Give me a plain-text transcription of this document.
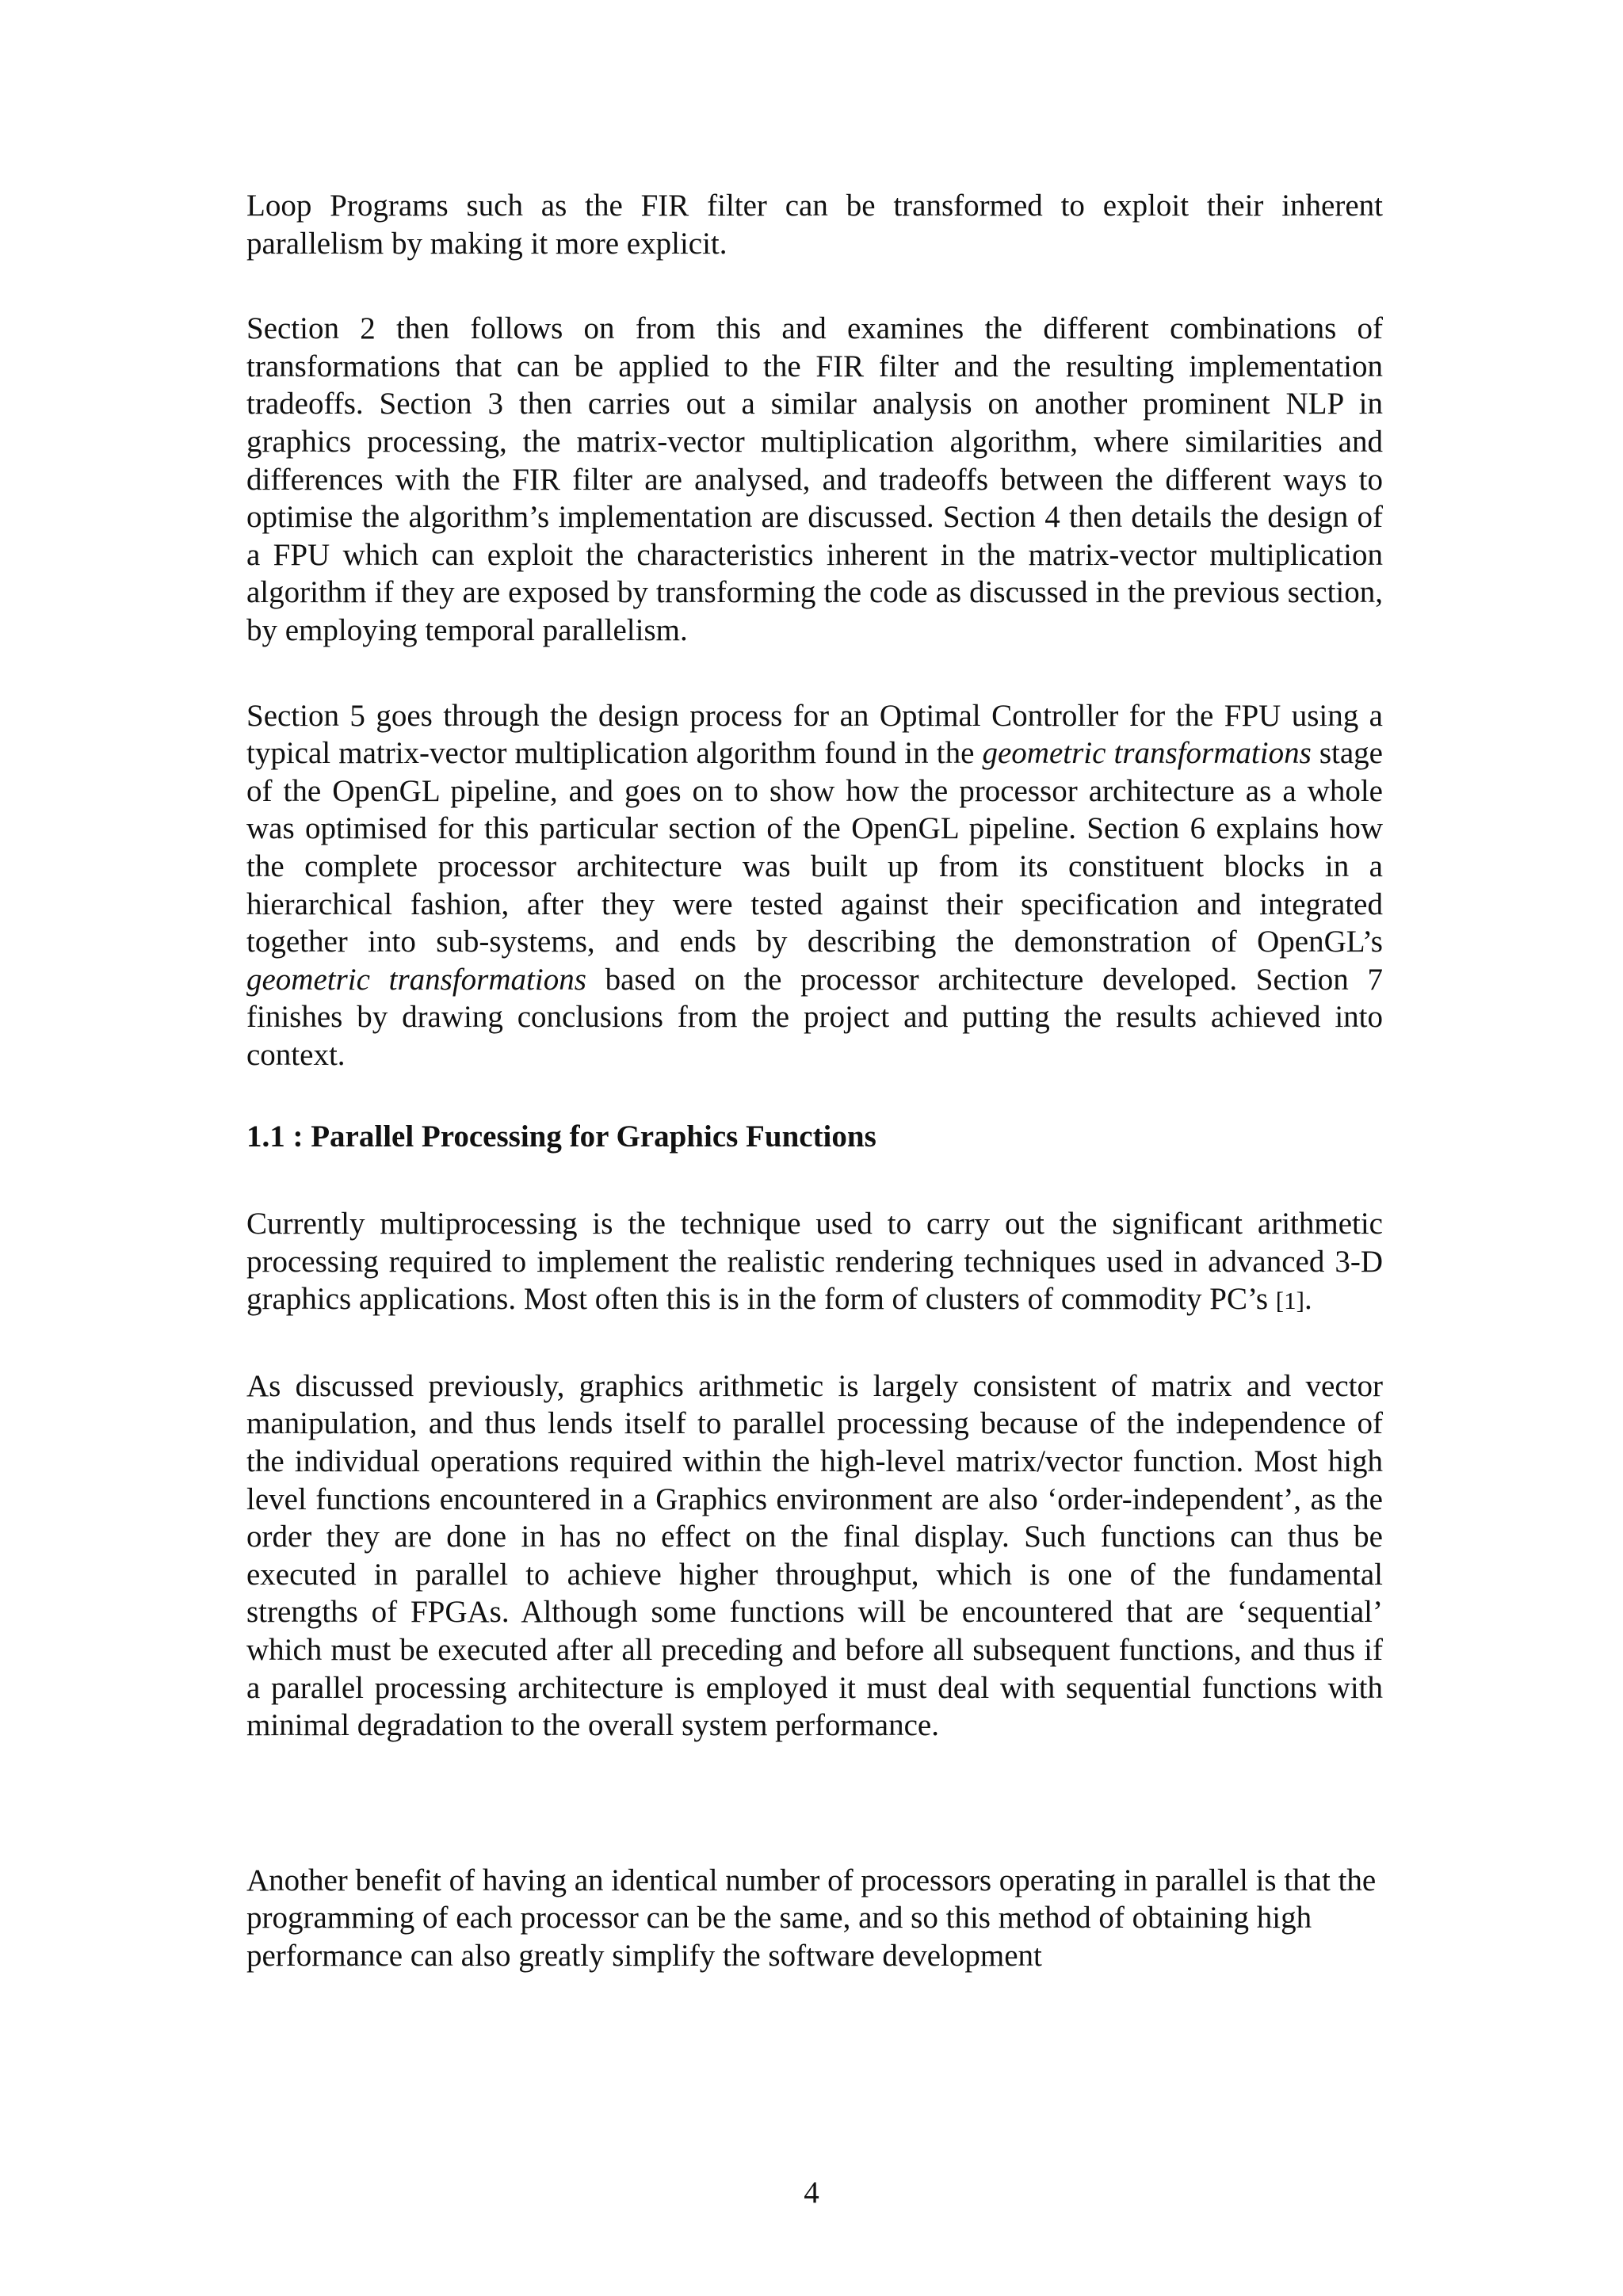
Loop Programs such as the FIR filter can be transformed to exploit their inherent parallelism by making it more explicit.

Section 2 then follows on from this and examines the different combinations of transformations that can be applied to the FIR filter and the resulting implementation tradeoffs. Section 3 then carries out a similar analysis on another prominent NLP in graphics processing, the matrix-vector multiplication algorithm, where similarities and differences with the FIR filter are analysed, and tradeoffs between the different ways to optimise the algorithm’s implementation are discussed. Section 4 then details the design of a FPU which can exploit the characteristics inherent in the matrix-vector multiplication algorithm if they are exposed by transforming the code as discussed in the previous section, by employing temporal parallelism.

Section 5 goes through the design process for an Optimal Controller for the FPU using a typical matrix-vector multiplication algorithm found in the geometric transformations stage of the OpenGL pipeline, and goes on to show how the processor architecture as a whole was optimised for this particular section of the OpenGL pipeline. Section 6 explains how the complete processor architecture was built up from its constituent blocks in a hierarchical fashion, after they were tested against their specification and integrated together into sub-systems, and ends by describing the demonstration of OpenGL’s geometric transformations based on the processor architecture developed. Section 7 finishes by drawing conclusions from the project and putting the results achieved into context.

1.1 : Parallel Processing for Graphics Functions

Currently multiprocessing is the technique used to carry out the significant arithmetic processing required to implement the realistic rendering techniques used in advanced 3-D graphics applications. Most often this is in the form of clusters of commodity PC’s [1].

As discussed previously, graphics arithmetic is largely consistent of matrix and vector manipulation, and thus lends itself to parallel processing because of the independence of the individual operations required within the high-level matrix/vector function. Most high level functions encountered in a Graphics environment are also ‘order-independent’, as the order they are done in has no effect on the final display. Such functions can thus be executed in parallel to achieve higher throughput, which is one of the fundamental strengths of FPGAs. Although some functions will be encountered that are ‘sequential’ which must be executed after all preceding and before all subsequent functions, and thus if a parallel processing architecture is employed it must deal with sequential functions with minimal degradation to the overall system performance.

Another benefit of having an identical number of processors operating in parallel is that the programming of each processor can be the same, and so this method of obtaining high performance can also greatly simplify the software development

4
